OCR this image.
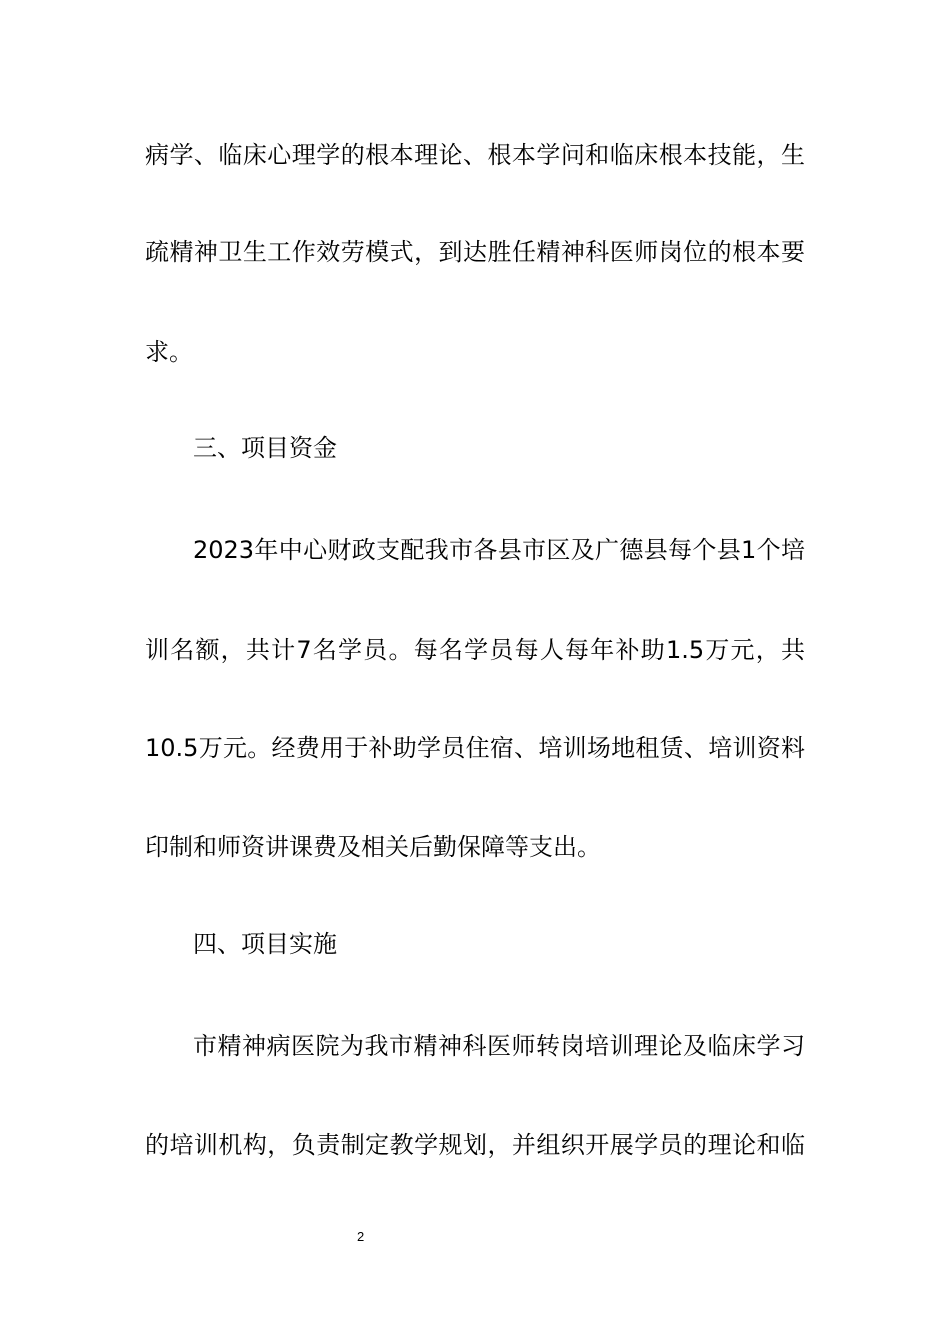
病学、临床心理学的根本理论、根本学问和临床根本技能，生
疏精神卫生工作效劳模式，到达胜任精神科医师岗位的根本要
求。
三、项目资金
2023年中心财政支配我市各县市区及广德县每个县1个培
训名额，共计7名学员。每名学员每人每年补助1.5万元，共
10.5万元。经费用于补助学员住宿、培训场地租赁、培训资料
印制和师资讲课费及相关后勤保障等支出。
四、项目实施
市精神病医院为我市精神科医师转岗培训理论及临床学习
的培训机构，负责制定教学规划，并组织开展学员的理论和临
2
